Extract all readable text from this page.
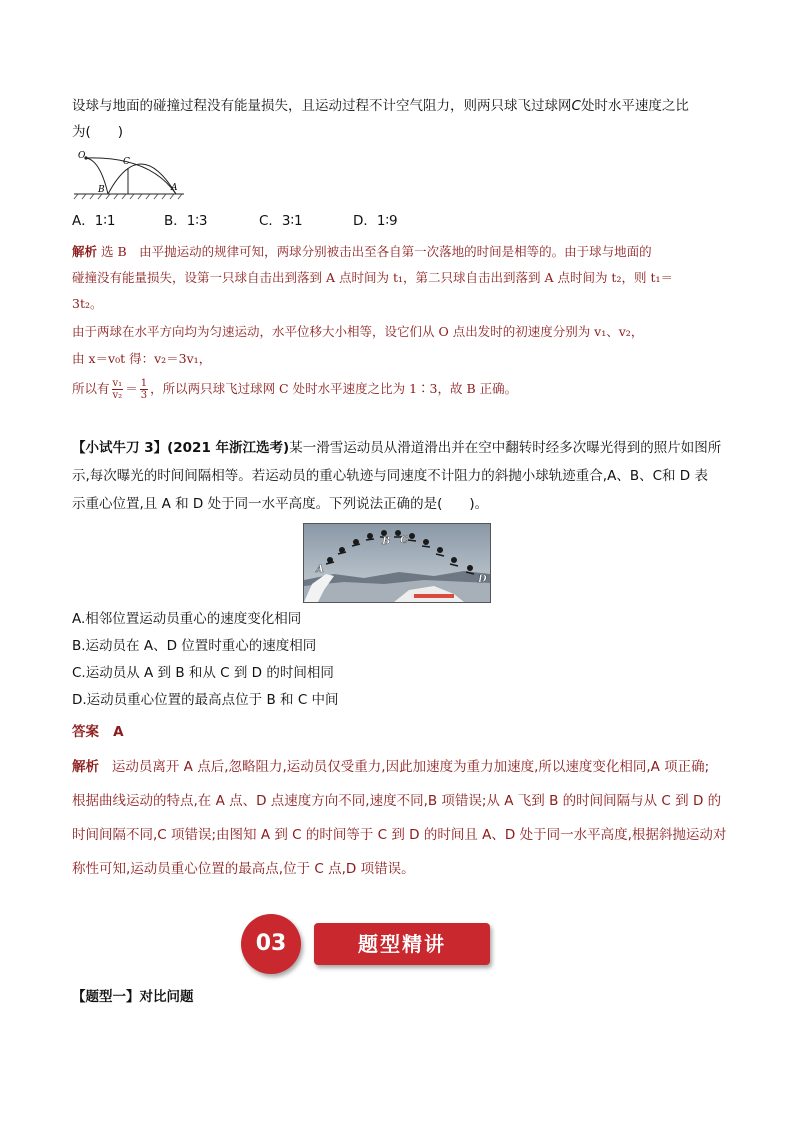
设球与地面的碰撞过程没有能量损失，且运动过程不计空气阻力，则两只球飞过球网C处时水平速度之比
为(　　)
O
C
B	A
A．1∶1	B．1∶3	C．3∶1	D．1∶9
解析 选 B　由平抛运动的规律可知，两球分别被击出至各自第一次落地的时间是相等的。由于球与地面的
碰撞没有能量损失，设第一只球自击出到落到 A 点时间为 t₁，第二只球自击出到落到 A 点时间为 t₂，则 t₁＝
3t₂。
由于两球在水平方向均为匀速运动，水平位移大小相等，设它们从 O 点出发时的初速度分别为 v₁、v₂，
由 x＝v₀t 得：v₂＝3v₁，
所以有 $\frac{\text{v₁}}{\text{v₂}} = \frac{1}{3}$ ，所以两只球飞过球网 C 处时水平速度之比为 1∶3，故 B 正确。
【小试牛刀 3】(2021 年浙江选考)某一滑雪运动员从滑道滑出并在空中翻转时经多次曝光得到的照片如图所
示,每次曝光的时间间隔相等。若运动员的重心轨迹与同速度不计阻力的斜抛小球轨迹重合,A、B、C和 D 表
示重心位置,且 A 和 D 处于同一水平高度。下列说法正确的是(　　)。
A
B C
D
A.相邻位置运动员重心的速度变化相同
B.运动员在 A、D 位置时重心的速度相同
C.运动员从 A 到 B 和从 C 到 D 的时间相同
D.运动员重心位置的最高点位于 B 和 C 中间
答案 A
解析 运动员离开 A 点后,忽略阻力,运动员仅受重力,因此加速度为重力加速度,所以速度变化相同,A 项正确;
根据曲线运动的特点,在 A 点、D 点速度方向不同,速度不同,B 项错误;从 A 飞到 B 的时间间隔与从 C 到 D 的
时间间隔不同,C 项错误;由图知 A 到 C 的时间等于 C 到 D 的时间且 A、D 处于同一水平高度,根据斜抛运动对
称性可知,运动员重心位置的最高点,位于 C 点,D 项错误。
03	题型精讲
【题型一】对比问题
